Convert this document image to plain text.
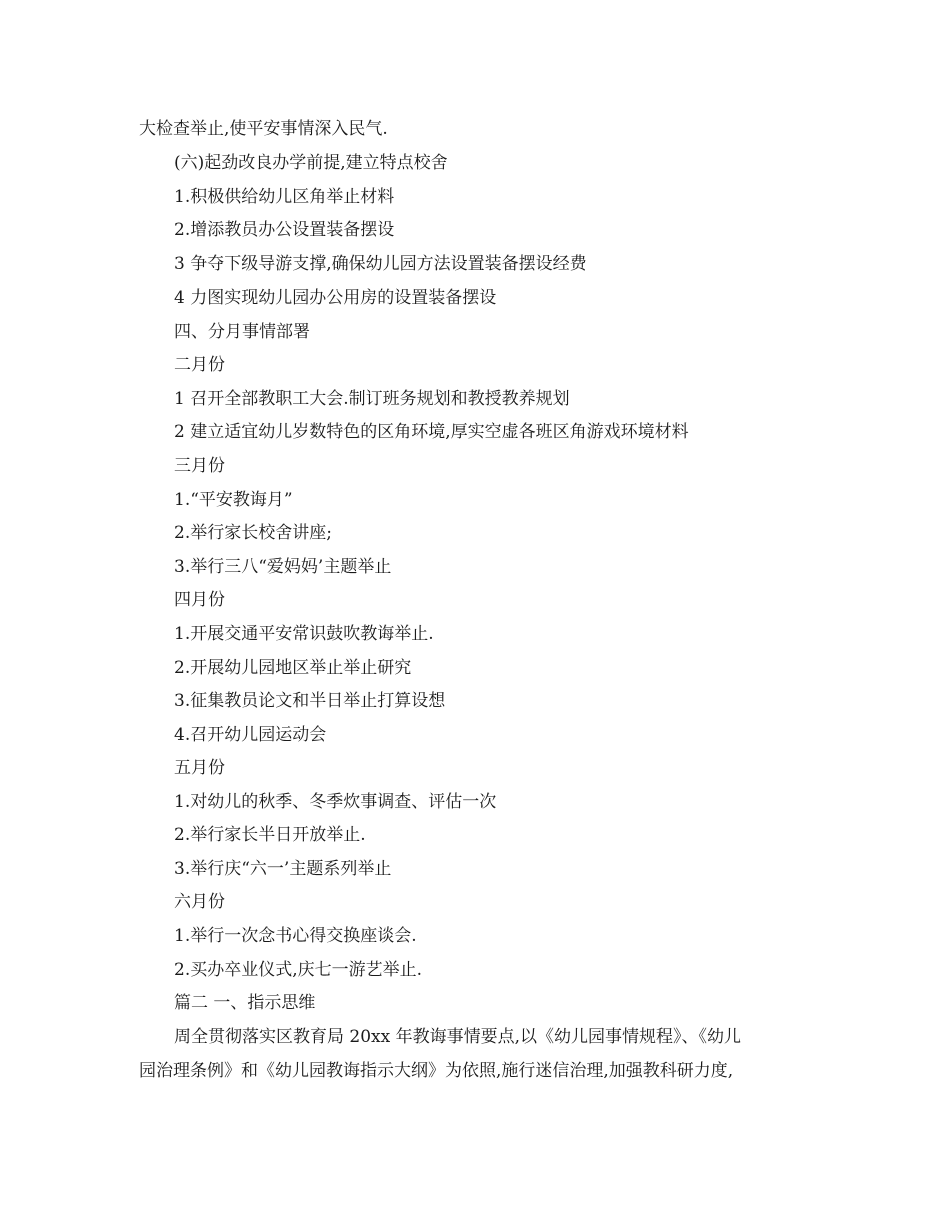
大检查举止,使平安事情深入民气.
(六)起劲改良办学前提,建立特点校舍
1.积极供给幼儿区角举止材料
2.增添教员办公设置装备摆设
3 争夺下级导游支撑,确保幼儿园方法设置装备摆设经费
4 力图实现幼儿园办公用房的设置装备摆设
四、分月事情部署
二月份
1 召开全部教职工大会.制订班务规划和教授教养规划
2 建立适宜幼儿岁数特色的区角环境,厚实空虚各班区角游戏环境材料
三月份
1.“平安教诲月”
2.举行家长校舍讲座;
3.举行三八“爱妈妈’主题举止
四月份
1.开展交通平安常识鼓吹教诲举止.
2.开展幼儿园地区举止举止研究
3.征集教员论文和半日举止打算设想
4.召开幼儿园运动会
五月份
1.对幼儿的秋季、冬季炊事调查、评估一次
2.举行家长半日开放举止.
3.举行庆“六一’主题系列举止
六月份
1.举行一次念书心得交换座谈会.
2.买办卒业仪式,庆七一游艺举止.
篇二 一、指示思维
周全贯彻落实区教育局 20xx 年教诲事情要点,以《幼儿园事情规程》、《幼儿
园治理条例》和《幼儿园教诲指示大纲》为依照,施行迷信治理,加强教科研力度,
